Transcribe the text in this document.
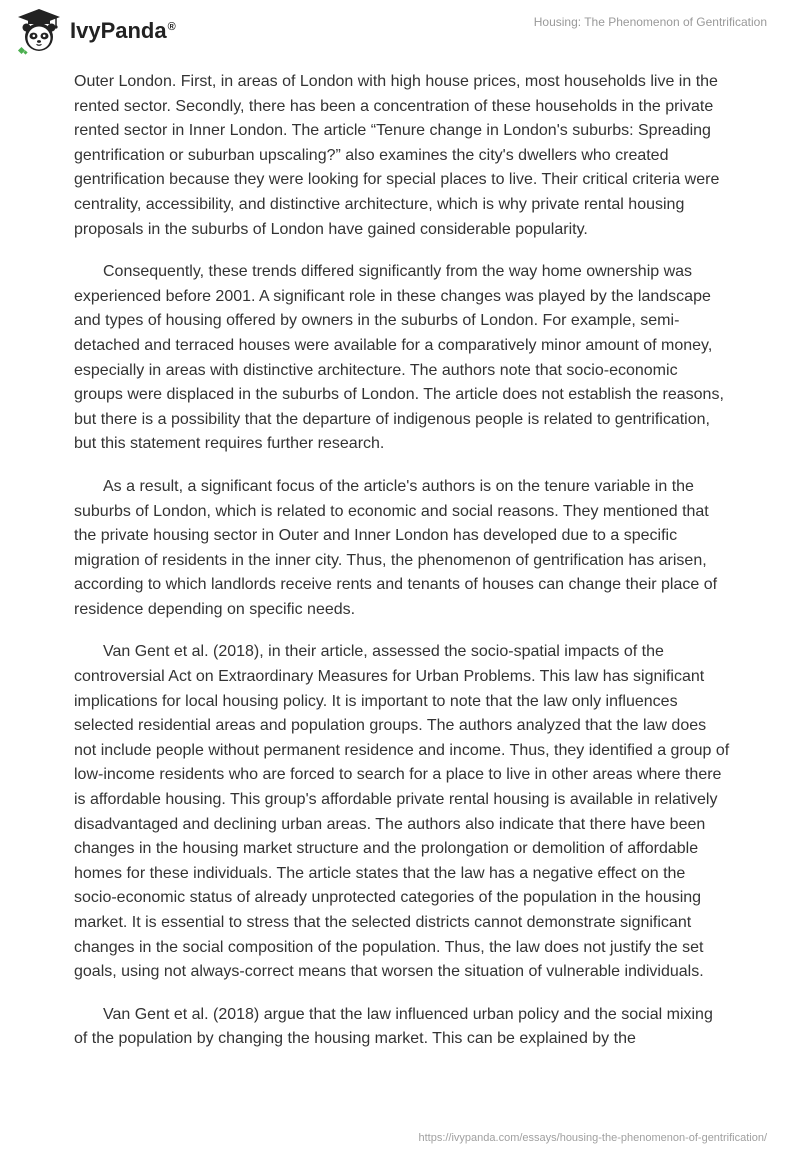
IvyPanda®	Housing: The Phenomenon of Gentrification

Outer London. First, in areas of London with high house prices, most households live in the rented sector. Secondly, there has been a concentration of these households in the private rented sector in Inner London. The article “Tenure change in London's suburbs: Spreading gentrification or suburban upscaling?” also examines the city's dwellers who created gentrification because they were looking for special places to live. Their critical criteria were centrality, accessibility, and distinctive architecture, which is why private rental housing proposals in the suburbs of London have gained considerable popularity.

Consequently, these trends differed significantly from the way home ownership was experienced before 2001. A significant role in these changes was played by the landscape and types of housing offered by owners in the suburbs of London. For example, semi-detached and terraced houses were available for a comparatively minor amount of money, especially in areas with distinctive architecture. The authors note that socio-economic groups were displaced in the suburbs of London. The article does not establish the reasons, but there is a possibility that the departure of indigenous people is related to gentrification, but this statement requires further research.

As a result, a significant focus of the article's authors is on the tenure variable in the suburbs of London, which is related to economic and social reasons. They mentioned that the private housing sector in Outer and Inner London has developed due to a specific migration of residents in the inner city. Thus, the phenomenon of gentrification has arisen, according to which landlords receive rents and tenants of houses can change their place of residence depending on specific needs.

Van Gent et al. (2018), in their article, assessed the socio-spatial impacts of the controversial Act on Extraordinary Measures for Urban Problems. This law has significant implications for local housing policy. It is important to note that the law only influences selected residential areas and population groups. The authors analyzed that the law does not include people without permanent residence and income. Thus, they identified a group of low-income residents who are forced to search for a place to live in other areas where there is affordable housing. This group's affordable private rental housing is available in relatively disadvantaged and declining urban areas. The authors also indicate that there have been changes in the housing market structure and the prolongation or demolition of affordable homes for these individuals. The article states that the law has a negative effect on the socio-economic status of already unprotected categories of the population in the housing market. It is essential to stress that the selected districts cannot demonstrate significant changes in the social composition of the population. Thus, the law does not justify the set goals, using not always-correct means that worsen the situation of vulnerable individuals.

Van Gent et al. (2018) argue that the law influenced urban policy and the social mixing of the population by changing the housing market. This can be explained by the

https://ivypanda.com/essays/housing-the-phenomenon-of-gentrification/
